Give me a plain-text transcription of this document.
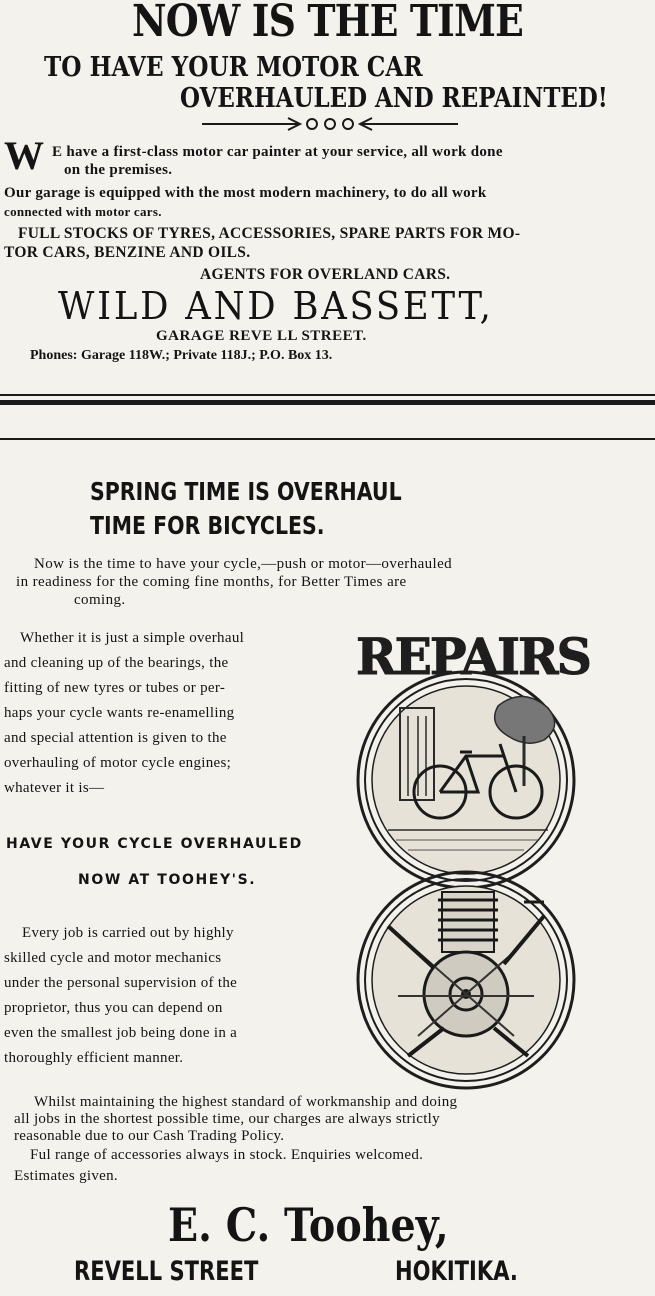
NOW IS THE TIME
TO HAVE YOUR MOTOR CAR
OVERHAULED AND REPAINTED!
W E have a first-class motor car painter at your service, all work done
on the premises.
Our garage is equipped with the most modern machinery, to do all work
connected with motor cars.
FULL STOCKS OF TYRES, ACCESSORIES, SPARE PARTS FOR MO-
TOR CARS, BENZINE AND OILS.
AGENTS FOR OVERLAND CARS.
WILD AND BASSETT,
GARAGE REVE LL STREET.
Phones: Garage 118W.; Private 118J.; P.O. Box 13.
SPRING TIME IS OVERHAUL
TIME FOR BICYCLES.
Now is the time to have your cycle,—push or motor—overhauled
in readiness for the coming fine months, for Better Times are
coming.
Whether it is just a simple overhaul
and cleaning up of the bearings, the
fitting of new tyres or tubes or per-
haps your cycle wants re-enamelling
and special attention is given to the
overhauling of motor cycle engines;
whatever it is—
HAVE YOUR CYCLE OVERHAULED
NOW AT TOOHEY'S.
Every job is carried out by highly
skilled cycle and motor mechanics
under the personal supervision of the
proprietor, thus you can depend on
even the smallest job being done in a
thoroughly efficient manner.
Whilst maintaining the highest standard of workmanship and doing
all jobs in the shortest possible time, our charges are always strictly
reasonable due to our Cash Trading Policy.
Ful range of accessories always in stock. Enquiries welcomed.
Estimates given.
REPAIRS
E. C. Toohey,
REVELL STREET	HOKITIKA.
